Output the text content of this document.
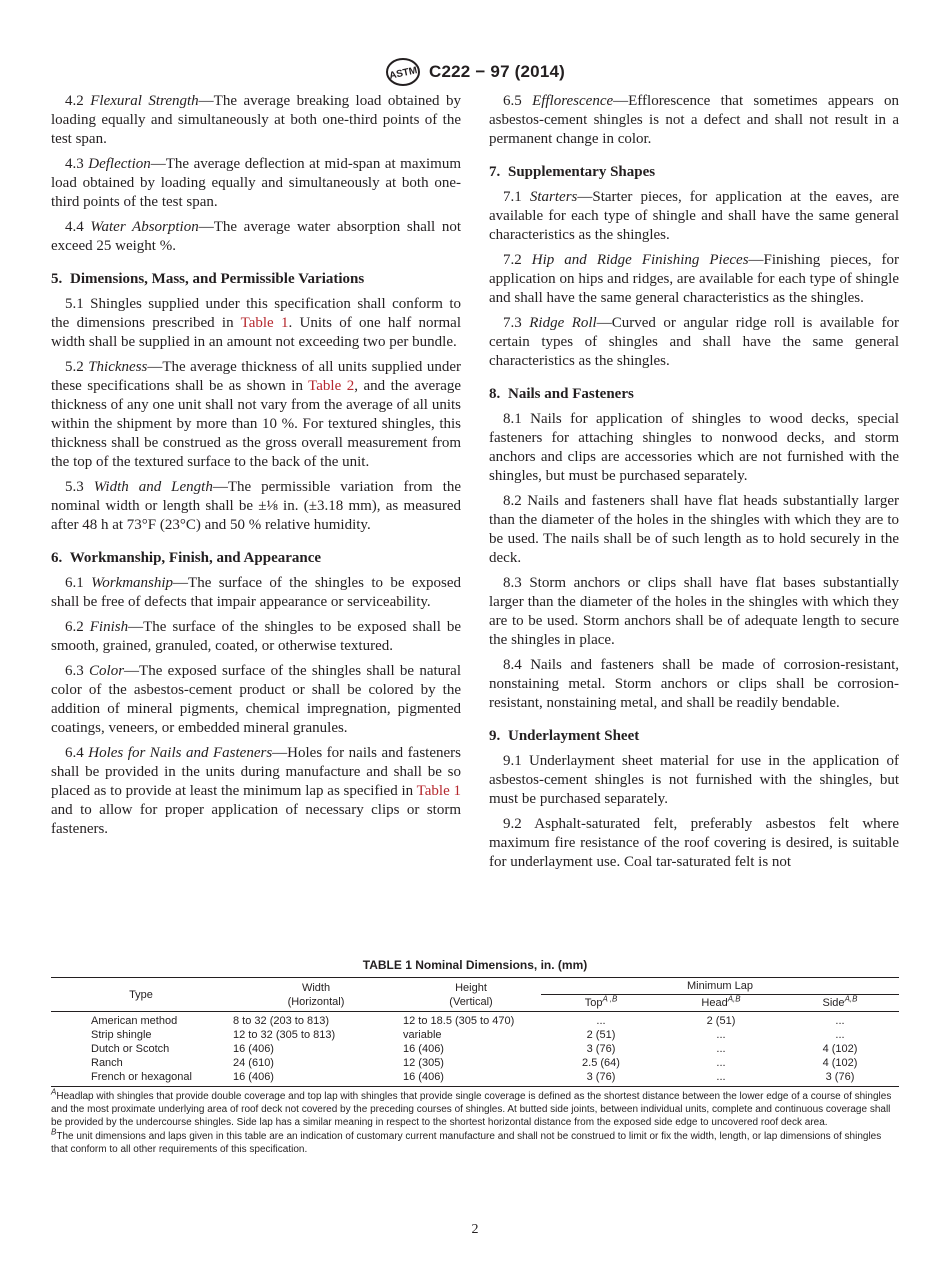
ASTM C222 − 97 (2014)

4.2 Flexural Strength—The average breaking load obtained by loading equally and simultaneously at both one-third points of the test span.

4.3 Deflection—The average deflection at mid-span at maximum load obtained by loading equally and simultaneously at both one-third points of the test span.

4.4 Water Absorption—The average water absorption shall not exceed 25 weight %.

5. Dimensions, Mass, and Permissible Variations

5.1 Shingles supplied under this specification shall conform to the dimensions prescribed in Table 1. Units of one half normal width shall be supplied in an amount not exceeding two per bundle.

5.2 Thickness—The average thickness of all units supplied under these specifications shall be as shown in Table 2, and the average thickness of any one unit shall not vary from the average of all units within the shipment by more than 10 %. For textured shingles, this thickness shall be construed as the gross overall measurement from the top of the textured surface to the back of the unit.

5.3 Width and Length—The permissible variation from the nominal width or length shall be ±⅛ in. (±3.18 mm), as measured after 48 h at 73°F (23°C) and 50 % relative humidity.

6. Workmanship, Finish, and Appearance

6.1 Workmanship—The surface of the shingles to be exposed shall be free of defects that impair appearance or serviceability.

6.2 Finish—The surface of the shingles to be exposed shall be smooth, grained, granuled, coated, or otherwise textured.

6.3 Color—The exposed surface of the shingles shall be natural color of the asbestos-cement product or shall be colored by the addition of mineral pigments, chemical impregnation, pigmented coatings, veneers, or embedded mineral granules.

6.4 Holes for Nails and Fasteners—Holes for nails and fasteners shall be provided in the units during manufacture and shall be so placed as to provide at least the minimum lap as specified in Table 1 and to allow for proper application of necessary clips or storm fasteners.

6.5 Efflorescence—Efflorescence that sometimes appears on asbestos-cement shingles is not a defect and shall not result in a permanent change in color.

7. Supplementary Shapes

7.1 Starters—Starter pieces, for application at the eaves, are available for each type of shingle and shall have the same general characteristics as the shingles.

7.2 Hip and Ridge Finishing Pieces—Finishing pieces, for application on hips and ridges, are available for each type of shingle and shall have the same general characteristics as the shingles.

7.3 Ridge Roll—Curved or angular ridge roll is available for certain types of shingles and shall have the same general characteristics as the shingles.

8. Nails and Fasteners

8.1 Nails for application of shingles to wood decks, special fasteners for attaching shingles to nonwood decks, and storm anchors and clips are accessories which are not furnished with the shingles, but must be purchased separately.

8.2 Nails and fasteners shall have flat heads substantially larger than the diameter of the holes in the shingles with which they are to be used. The nails shall be of such length as to hold securely in the deck.

8.3 Storm anchors or clips shall have flat bases substantially larger than the diameter of the holes in the shingles with which they are to be used. Storm anchors shall be of adequate length to secure the shingles in place.

8.4 Nails and fasteners shall be made of corrosion-resistant, nonstaining metal. Storm anchors or clips shall be corrosion-resistant, nonstaining metal, and shall be readily bendable.

9. Underlayment Sheet

9.1 Underlayment sheet material for use in the application of asbestos-cement shingles is not furnished with the shingles, but must be purchased separately.

9.2 Asphalt-saturated felt, preferably asbestos felt where maximum fire resistance of the roof covering is desired, is suitable for underlayment use. Coal tar-saturated felt is not

TABLE 1 Nominal Dimensions, in. (mm)
Type	Width
(Horizontal)	Height
(Vertical)	Minimum Lap		
			Top$^{A ,B}$	Head$^{A,B}$	Side$^{A,B}$
American method	8 to 32 (203 to 813)	12 to 18.5 (305 to 470)	...	2 (51)	...
Strip shingle	12 to 32 (305 to 813)	variable	2 (51)	...	...
Dutch or Scotch	16 (406)	16 (406)	3 (76)	...	4 (102)
Ranch	24 (610)	12 (305)	2.5 (64)	...	4 (102)
French or hexagonal	16 (406)	16 (406)	3 (76)	...	3 (76)

$^A$Headlap with shingles that provide double coverage and top lap with shingles that provide single coverage is defined as the shortest distance between the lower edge of a course of shingles and the most proximate underlying area of roof deck not covered by the preceding courses of shingles. At butted side joints, between individual units, complete and continuous coverage shall be provided by the undercourse shingles. Side lap has a similar meaning in respect to the shortest horizontal distance from the exposed side edge to uncovered roof deck area.

$^B$The unit dimensions and laps given in this table are an indication of customary current manufacture and shall not be construed to limit or fix the width, length, or lap dimensions of shingles that conform to all other requirements of this specification.

2
